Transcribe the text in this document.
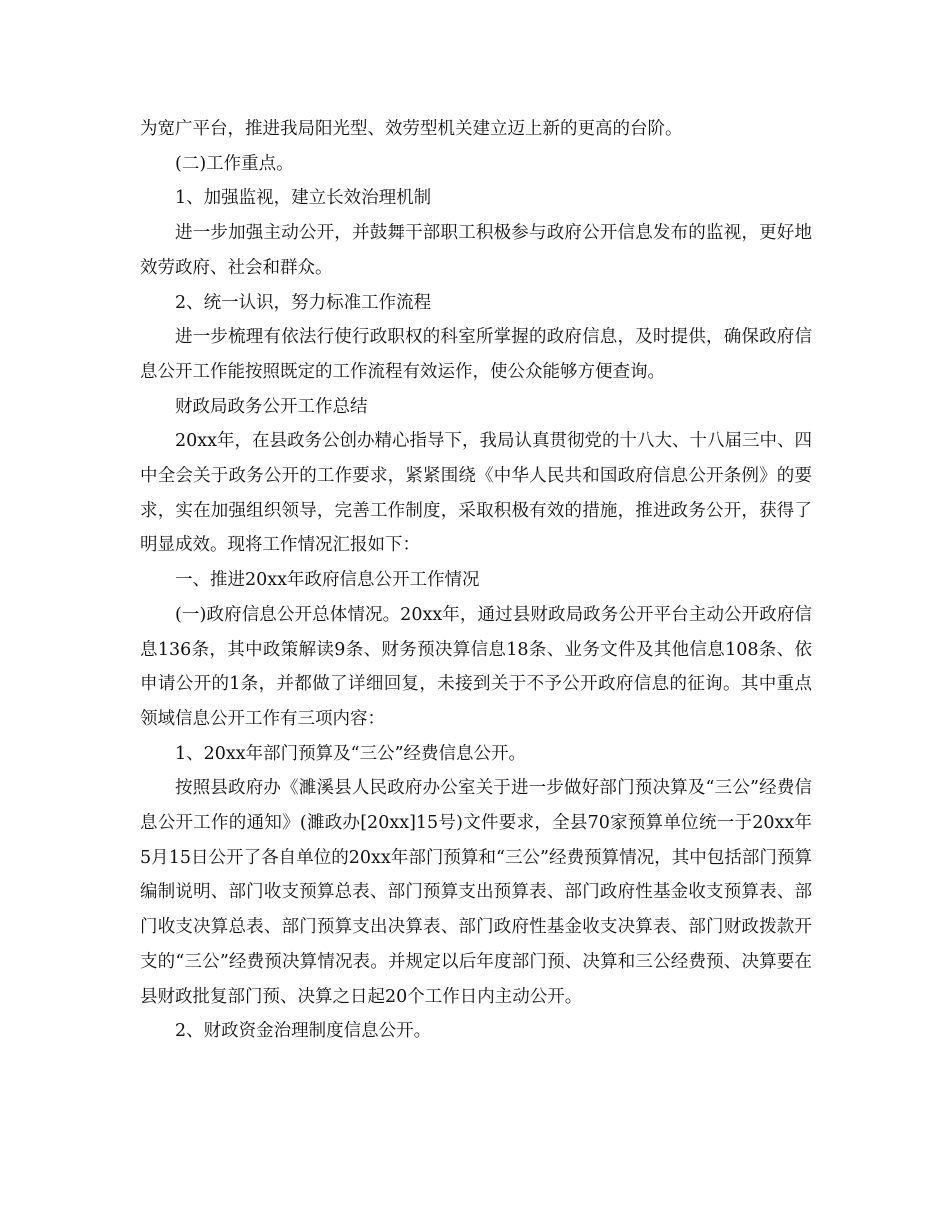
为宽广平台，推进我局阳光型、效劳型机关建立迈上新的更高的台阶。

(二)工作重点。

1、加强监视，建立长效治理机制

进一步加强主动公开，并鼓舞干部职工积极参与政府公开信息发布的监视，更好地效劳政府、社会和群众。

2、统一认识，努力标准工作流程

进一步梳理有依法行使行政职权的科室所掌握的政府信息，及时提供，确保政府信息公开工作能按照既定的工作流程有效运作，使公众能够方便查询。

财政局政务公开工作总结

20xx年，在县政务公创办精心指导下，我局认真贯彻党的十八大、十八届三中、四中全会关于政务公开的工作要求，紧紧围绕《中华人民共和国政府信息公开条例》的要求，实在加强组织领导，完善工作制度，采取积极有效的措施，推进政务公开，获得了明显成效。现将工作情况汇报如下：

一、推进20xx年政府信息公开工作情况

(一)政府信息公开总体情况。20xx年，通过县财政局政务公开平台主动公开政府信息136条，其中政策解读9条、财务预决算信息18条、业务文件及其他信息108条、依申请公开的1条，并都做了详细回复，未接到关于不予公开政府信息的征询。其中重点领域信息公开工作有三项内容：

1、20xx年部门预算及“三公”经费信息公开。

按照县政府办《濉溪县人民政府办公室关于进一步做好部门预决算及“三公”经费信息公开工作的通知》(濉政办[20xx]15号)文件要求，全县70家预算单位统一于20xx年5月15日公开了各自单位的20xx年部门预算和“三公”经费预算情况，其中包括部门预算编制说明、部门收支预算总表、部门预算支出预算表、部门政府性基金收支预算表、部门收支决算总表、部门预算支出决算表、部门政府性基金收支决算表、部门财政拨款开支的“三公”经费预决算情况表。并规定以后年度部门预、决算和三公经费预、决算要在县财政批复部门预、决算之日起20个工作日内主动公开。

2、财政资金治理制度信息公开。
